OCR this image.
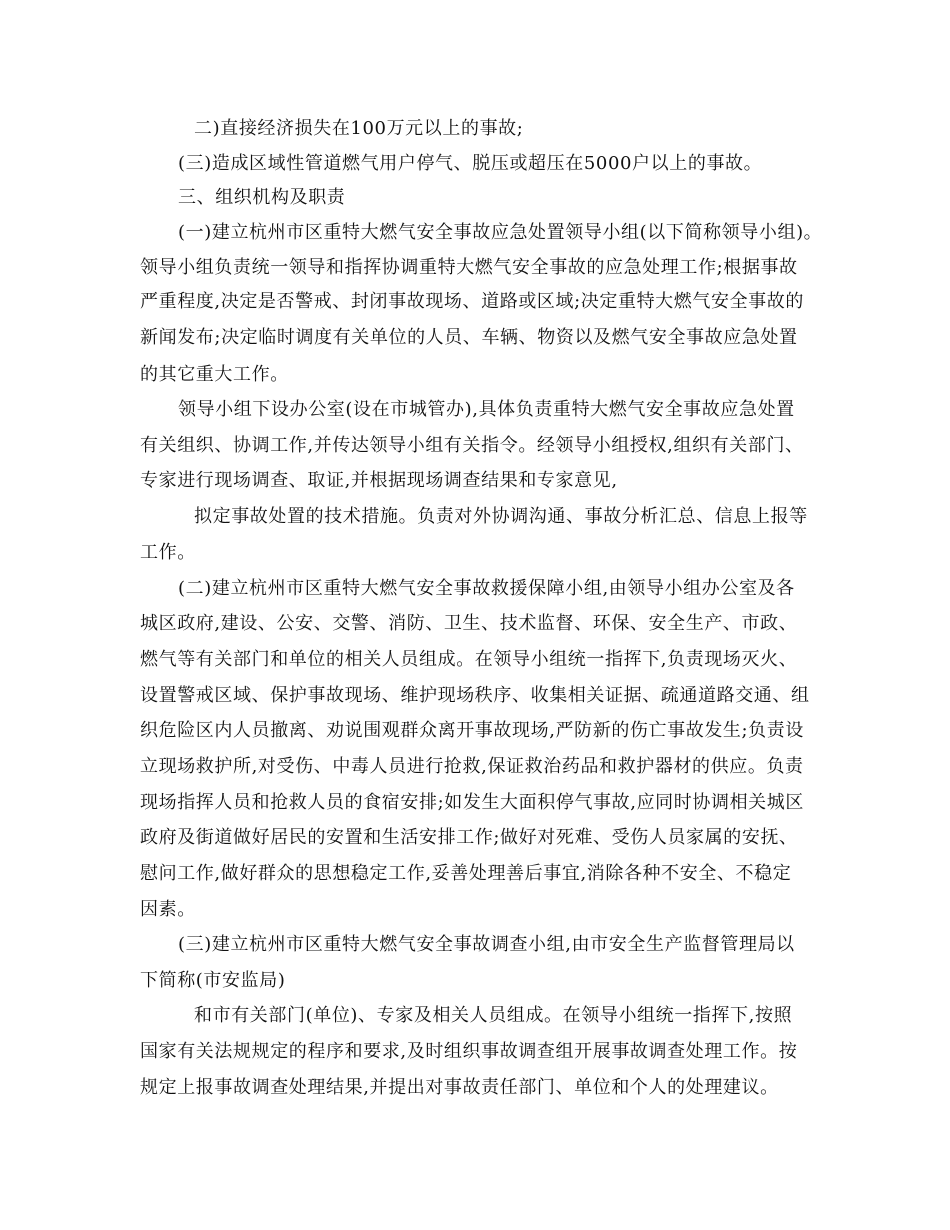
二)直接经济损失在100万元以上的事故;
(三)造成区域性管道燃气用户停气、脱压或超压在5000户以上的事故。
三、组织机构及职责
(一)建立杭州市区重特大燃气安全事故应急处置领导小组(以下简称领导小组)。
领导小组负责统一领导和指挥协调重特大燃气安全事故的应急处理工作;根据事故
严重程度,决定是否警戒、封闭事故现场、道路或区域;决定重特大燃气安全事故的
新闻发布;决定临时调度有关单位的人员、车辆、物资以及燃气安全事故应急处置
的其它重大工作。
领导小组下设办公室(设在市城管办),具体负责重特大燃气安全事故应急处置
有关组织、协调工作,并传达领导小组有关指令。经领导小组授权,组织有关部门、
专家进行现场调查、取证,并根据现场调查结果和专家意见,
拟定事故处置的技术措施。负责对外协调沟通、事故分析汇总、信息上报等
工作。
(二)建立杭州市区重特大燃气安全事故救援保障小组,由领导小组办公室及各
城区政府,建设、公安、交警、消防、卫生、技术监督、环保、安全生产、市政、
燃气等有关部门和单位的相关人员组成。在领导小组统一指挥下,负责现场灭火、
设置警戒区域、保护事故现场、维护现场秩序、收集相关证据、疏通道路交通、组
织危险区内人员撤离、劝说围观群众离开事故现场,严防新的伤亡事故发生;负责设
立现场救护所,对受伤、中毒人员进行抢救,保证救治药品和救护器材的供应。负责
现场指挥人员和抢救人员的食宿安排;如发生大面积停气事故,应同时协调相关城区
政府及街道做好居民的安置和生活安排工作;做好对死难、受伤人员家属的安抚、
慰问工作,做好群众的思想稳定工作,妥善处理善后事宜,消除各种不安全、不稳定
因素。
(三)建立杭州市区重特大燃气安全事故调查小组,由市安全生产监督管理局以
下简称(市安监局)
和市有关部门(单位)、专家及相关人员组成。在领导小组统一指挥下,按照
国家有关法规规定的程序和要求,及时组织事故调查组开展事故调查处理工作。按
规定上报事故调查处理结果,并提出对事故责任部门、单位和个人的处理建议。
